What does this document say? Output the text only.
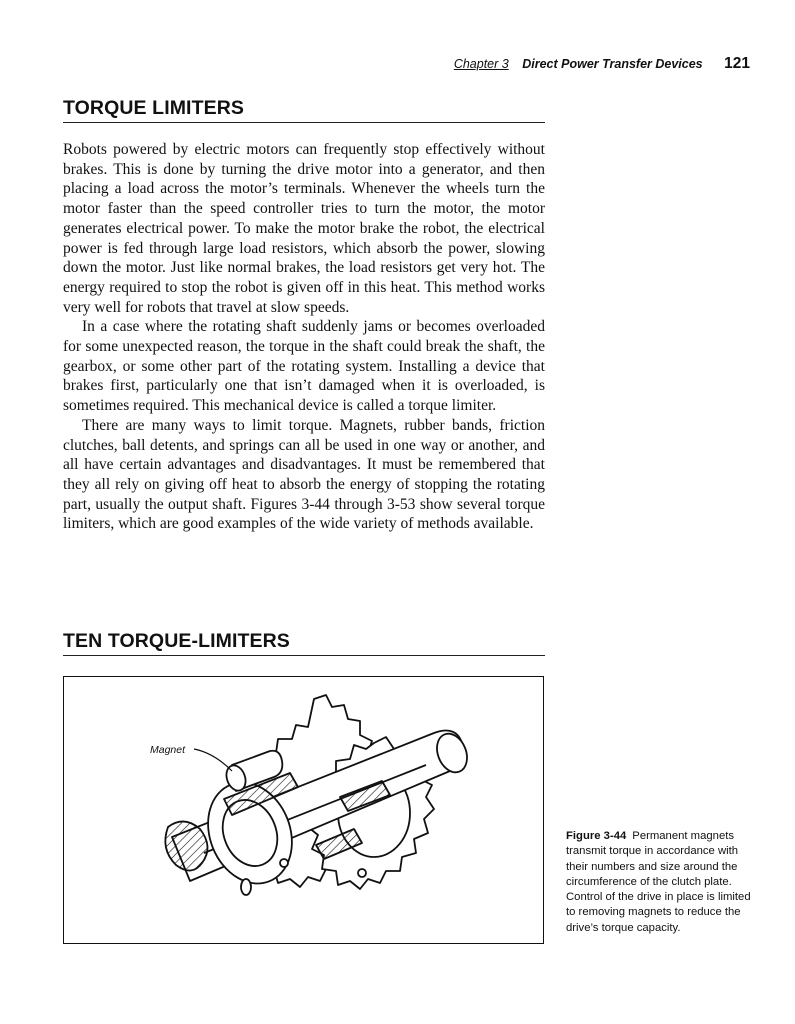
Chapter 3 Direct Power Transfer Devices 121
TORQUE LIMITERS

Robots powered by electric motors can frequently stop effectively without brakes. This is done by turning the drive motor into a generator, and then placing a load across the motor’s terminals. Whenever the wheels turn the motor faster than the speed controller tries to turn the motor, the motor generates electrical power. To make the motor brake the robot, the electrical power is fed through large load resistors, which absorb the power, slowing down the motor. Just like normal brakes, the load resistors get very hot. The energy required to stop the robot is given off in this heat. This method works very well for robots that travel at slow speeds.

In a case where the rotating shaft suddenly jams or becomes overloaded for some unexpected reason, the torque in the shaft could break the shaft, the gearbox, or some other part of the rotating system. Installing a device that brakes first, particularly one that isn’t damaged when it is overloaded, is sometimes required. This mechanical device is called a torque limiter.

There are many ways to limit torque. Magnets, rubber bands, friction clutches, ball detents, and springs can all be used in one way or another, and all have certain advantages and disadvantages. It must be remembered that they all rely on giving off heat to absorb the energy of stopping the rotating part, usually the output shaft. Figures 3-44 through 3-53 show several torque limiters, which are good examples of the wide variety of methods available.

TEN TORQUE-LIMITERS
Magnet
Figure 3-44 Permanent magnets transmit torque in accordance with their numbers and size around the circumference of the clutch plate. Control of the drive in place is limited to removing magnets to reduce the drive’s torque capacity.
